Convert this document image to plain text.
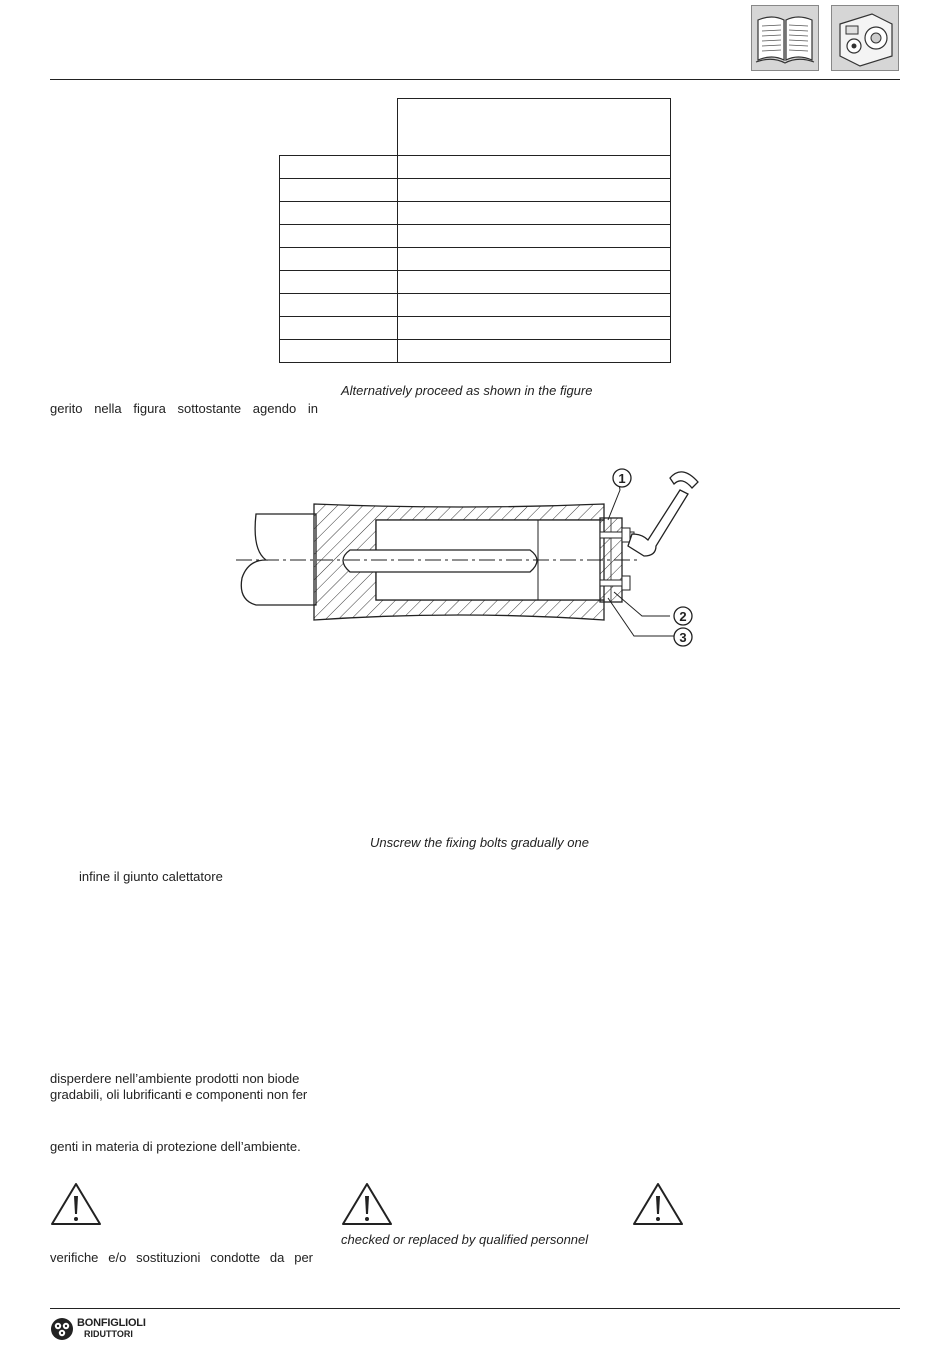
Alternatively proceed as shown in the figure
gerito nella figura sottostante agendo in
1
2
3
Unscrew the fixing bolts gradually one
infine il giunto calettatore
disperdere nell’ambiente prodotti non biode
gradabili, oli lubrificanti e componenti non fer
genti in materia di protezione dell’ambiente.
checked or replaced by qualified personnel
verifiche e/o sostituzioni condotte da per
BONFIGLIOLI
RIDUTTORI
